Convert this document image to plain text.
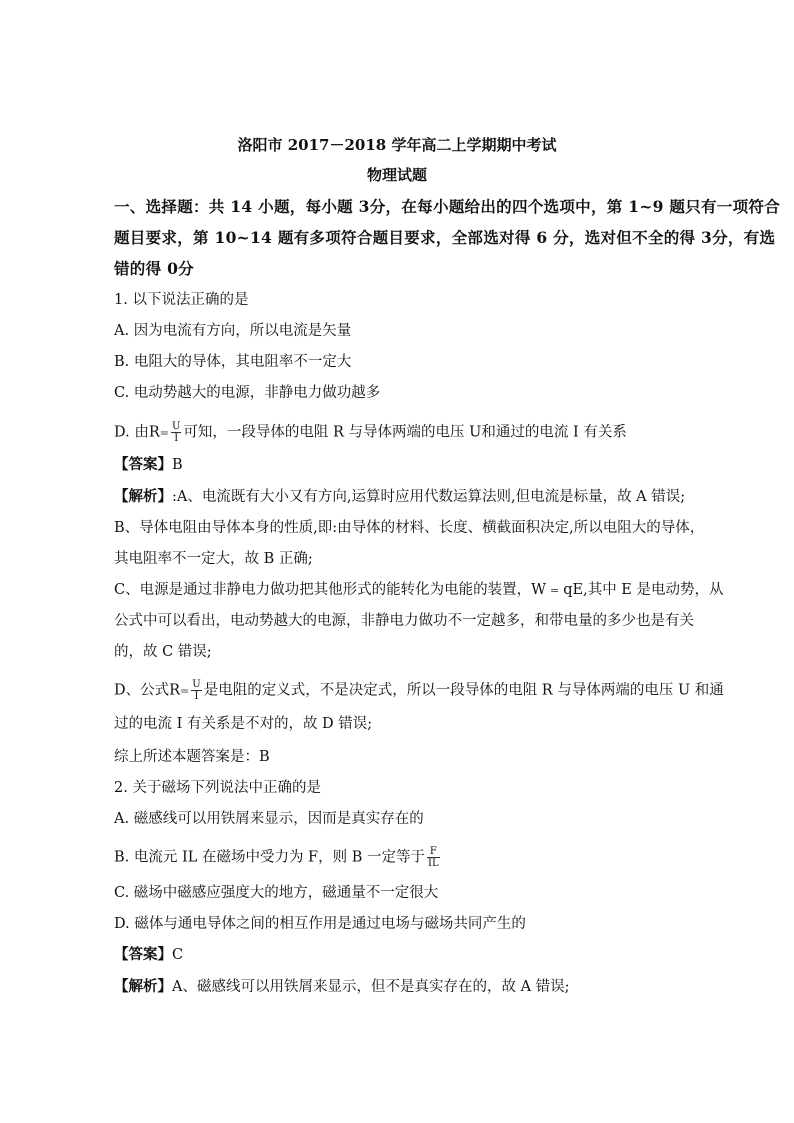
洛阳市 2017－2018 学年高二上学期期中考试
物理试题
一、选择题：共 14 小题，每小题 3分，在每小题给出的四个选项中，第 1~9 题只有一项符合
题目要求，第 10~14 题有多项符合题目要求，全部选对得 6 分，选对但不全的得 3分，有选
错的得 0分
1. 以下说法正确的是
A. 因为电流有方向，所以电流是矢量
B. 电阻大的导体，其电阻率不一定大
C. 电动势越大的电源，非静电力做功越多
D. 由$R= \frac{U}{I}$ 可知，一段导体的电阻 R 与导体两端的电压 U和通过的电流 I 有关系
【答案】B
【解析】:A、电流既有大小又有方向,运算时应用代数运算法则,但电流是标量，故 A 错误;
B、导体电阻由导体本身的性质,即:由导体的材料、长度、横截面积决定,所以电阻大的导体，
其电阻率不一定大，故 B 正确;
C、电源是通过非静电力做功把其他形式的能转化为电能的装置，W = qE,其中 E 是电动势，从
公式中可以看出，电动势越大的电源，非静电力做功不一定越多，和带电量的多少也是有关
的，故 C 错误;
D、公式$R= \frac{U}{I}$ 是电阻的定义式，不是决定式，所以一段导体的电阻 R 与导体两端的电压 U 和通
过的电流 I 有关系是不对的，故 D 错误;
综上所述本题答案是：B
2. 关于磁场下列说法中正确的是
A. 磁感线可以用铁屑来显示，因而是真实存在的
B. 电流元 IL 在磁场中受力为 F，则 B 一定等于 $\frac{F}{IL}$
C. 磁场中磁感应强度大的地方，磁通量不一定很大
D. 磁体与通电导体之间的相互作用是通过电场与磁场共同产生的
【答案】C
【解析】A、磁感线可以用铁屑来显示，但不是真实存在的，故 A 错误;
